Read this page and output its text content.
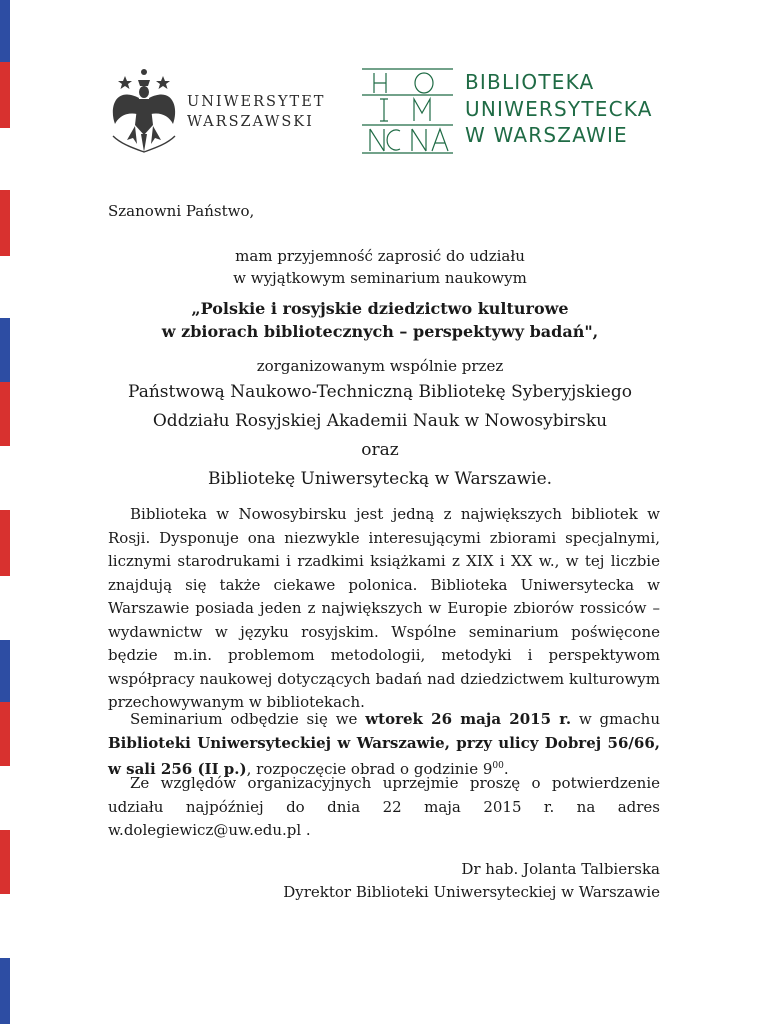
UNIWERSYTET
WARSZAWSKI
BIBLIOTEKA
UNIWERSYTECKA
W WARSZAWIE

Szanowni Państwo,

mam przyjemność zaprosić do udziału

w wyjątkowym seminarium naukowym

„Polskie i rosyjskie dziedzictwo kulturowe

w zbiorach bibliotecznych – perspektywy badań",

zorganizowanym wspólnie przez

Państwową Naukowo-Techniczną Bibliotekę Syberyjskiego

Oddziału Rosyjskiej Akademii Nauk w Nowosybirsku

oraz

Bibliotekę Uniwersytecką w Warszawie.

Biblioteka w Nowosybirsku jest jedną z największych bibliotek w Rosji. Dysponuje ona niezwykle interesującymi zbiorami specjalnymi, licznymi starodrukami i rzadkimi książkami z XIX i XX w., w tej liczbie znajdują się także ciekawe polonica. Biblioteka Uniwersytecka w Warszawie posiada jeden z największych w Europie zbiorów rossiców – wydawnictw w języku rosyjskim. Wspólne seminarium poświęcone będzie m.in. problemom metodologii, metodyki i perspektywom współpracy naukowej dotyczących badań nad dziedzictwem kulturowym przechowywanym w bibliotekach.

Seminarium odbędzie się we wtorek 26 maja 2015 r. w gmachu Biblioteki Uniwersyteckiej w Warszawie, przy ulicy Dobrej 56/66, w sali 256 (II p.), rozpoczęcie obrad o godzinie $9^{00}$.

Ze względów organizacyjnych uprzejmie proszę o potwierdzenie udziału najpóźniej do dnia 22 maja 2015 r. na adres w.dolegiewicz@uw.edu.pl .

Dr hab. Jolanta Talbierska

Dyrektor Biblioteki Uniwersyteckiej w Warszawie
